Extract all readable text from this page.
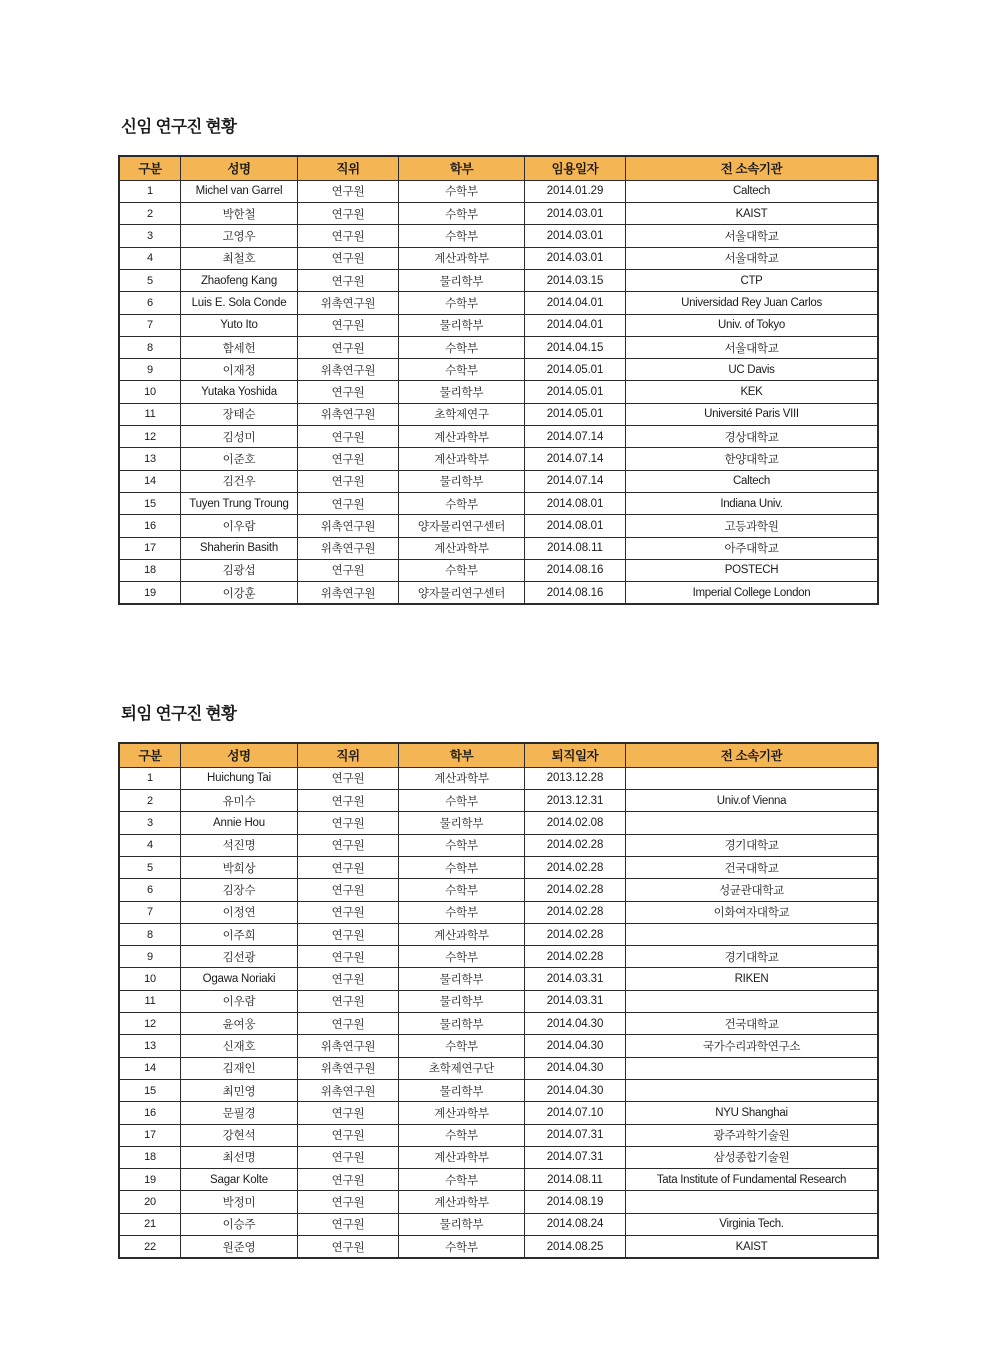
신임 연구진 현황
구분	성명	직위	학부	임용일자	전 소속기관
1	Michel van Garrel	연구원	수학부	2014.01.29	Caltech
2	박한철	연구원	수학부	2014.03.01	KAIST
3	고영우	연구원	수학부	2014.03.01	서울대학교
4	최철호	연구원	계산과학부	2014.03.01	서울대학교
5	Zhaofeng Kang	연구원	물리학부	2014.03.15	CTP
6	Luis E. Sola Conde	위촉연구원	수학부	2014.04.01	Universidad Rey Juan Carlos
7	Yuto Ito	연구원	물리학부	2014.04.01	Univ. of Tokyo
8	함세헌	연구원	수학부	2014.04.15	서울대학교
9	이재정	위촉연구원	수학부	2014.05.01	UC Davis
10	Yutaka Yoshida	연구원	물리학부	2014.05.01	KEK
11	장태순	위촉연구원	초학제연구	2014.05.01	Université Paris VIII
12	김성미	연구원	계산과학부	2014.07.14	경상대학교
13	이준호	연구원	계산과학부	2014.07.14	한양대학교
14	김건우	연구원	물리학부	2014.07.14	Caltech
15	Tuyen Trung Troung	연구원	수학부	2014.08.01	Indiana Univ.
16	이우람	위촉연구원	양자물리연구센터	2014.08.01	고등과학원
17	Shaherin Basith	위촉연구원	계산과학부	2014.08.11	아주대학교
18	김광섭	연구원	수학부	2014.08.16	POSTECH
19	이강훈	위촉연구원	양자물리연구센터	2014.08.16	Imperial College London
퇴임 연구진 현황
구분	성명	직위	학부	퇴직일자	전 소속기관
1	Huichung Tai	연구원	계산과학부	2013.12.28	
2	유미수	연구원	수학부	2013.12.31	Univ.of Vienna
3	Annie Hou	연구원	물리학부	2014.02.08	
4	석진명	연구원	수학부	2014.02.28	경기대학교
5	박희상	연구원	수학부	2014.02.28	건국대학교
6	김장수	연구원	수학부	2014.02.28	성균관대학교
7	이정연	연구원	수학부	2014.02.28	이화여자대학교
8	이주희	연구원	계산과학부	2014.02.28	
9	김선광	연구원	수학부	2014.02.28	경기대학교
10	Ogawa Noriaki	연구원	물리학부	2014.03.31	RIKEN
11	이우람	연구원	물리학부	2014.03.31	
12	윤여웅	연구원	물리학부	2014.04.30	건국대학교
13	신재호	위촉연구원	수학부	2014.04.30	국가수리과학연구소
14	김재인	위촉연구원	초학제연구단	2014.04.30	
15	최민영	위촉연구원	물리학부	2014.04.30	
16	문필경	연구원	계산과학부	2014.07.10	NYU Shanghai
17	강현석	연구원	수학부	2014.07.31	광주과학기술원
18	최선명	연구원	계산과학부	2014.07.31	삼성종합기술원
19	Sagar Kolte	연구원	수학부	2014.08.11	Tata Institute of Fundamental Research
20	박정미	연구원	계산과학부	2014.08.19	
21	이승주	연구원	물리학부	2014.08.24	Virginia Tech.
22	원준영	연구원	수학부	2014.08.25	KAIST
